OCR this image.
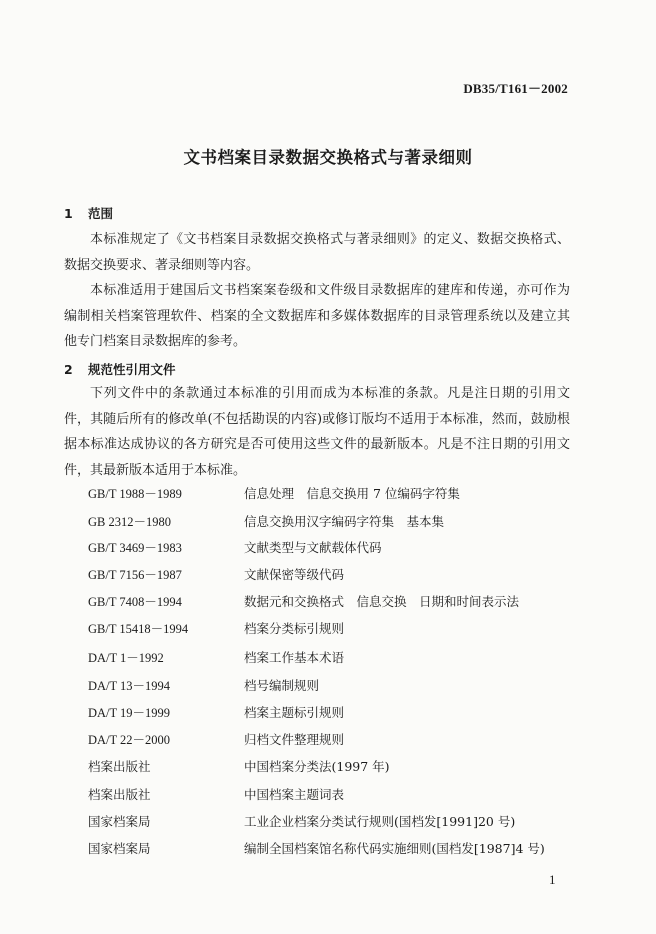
DB35/T161－2002
文书档案目录数据交换格式与著录细则
1 范围

本标准规定了《文书档案目录数据交换格式与著录细则》的定义、数据交换格式、数据交换要求、著录细则等内容。

本标准适用于建国后文书档案案卷级和文件级目录数据库的建库和传递，亦可作为编制相关档案管理软件、档案的全文数据库和多媒体数据库的目录管理系统以及建立其他专门档案目录数据库的参考。

2 规范性引用文件

下列文件中的条款通过本标准的引用而成为本标准的条款。凡是注日期的引用文件，其随后所有的修改单(不包括勘误的内容)或修订版均不适用于本标准，然而，鼓励根据本标准达成协议的各方研究是否可使用这些文件的最新版本。凡是不注日期的引用文件，其最新版本适用于本标准。

GB/T 1988－1989	信息处理　信息交换用 7 位编码字符集
GB 2312－1980	信息交换用汉字编码字符集　基本集
GB/T 3469－1983	文献类型与文献载体代码
GB/T 7156－1987	文献保密等级代码
GB/T 7408－1994	数据元和交换格式　信息交换　日期和时间表示法
GB/T 15418－1994	档案分类标引规则
DA/T 1－1992	档案工作基本术语
DA/T 13－1994	档号编制规则
DA/T 19－1999	档案主题标引规则
DA/T 22－2000	归档文件整理规则
档案出版社	中国档案分类法(1997 年)
档案出版社	中国档案主题词表
国家档案局	工业企业档案分类试行规则(国档发[1991]20 号)
国家档案局	编制全国档案馆名称代码实施细则(国档发[1987]4 号)
1
